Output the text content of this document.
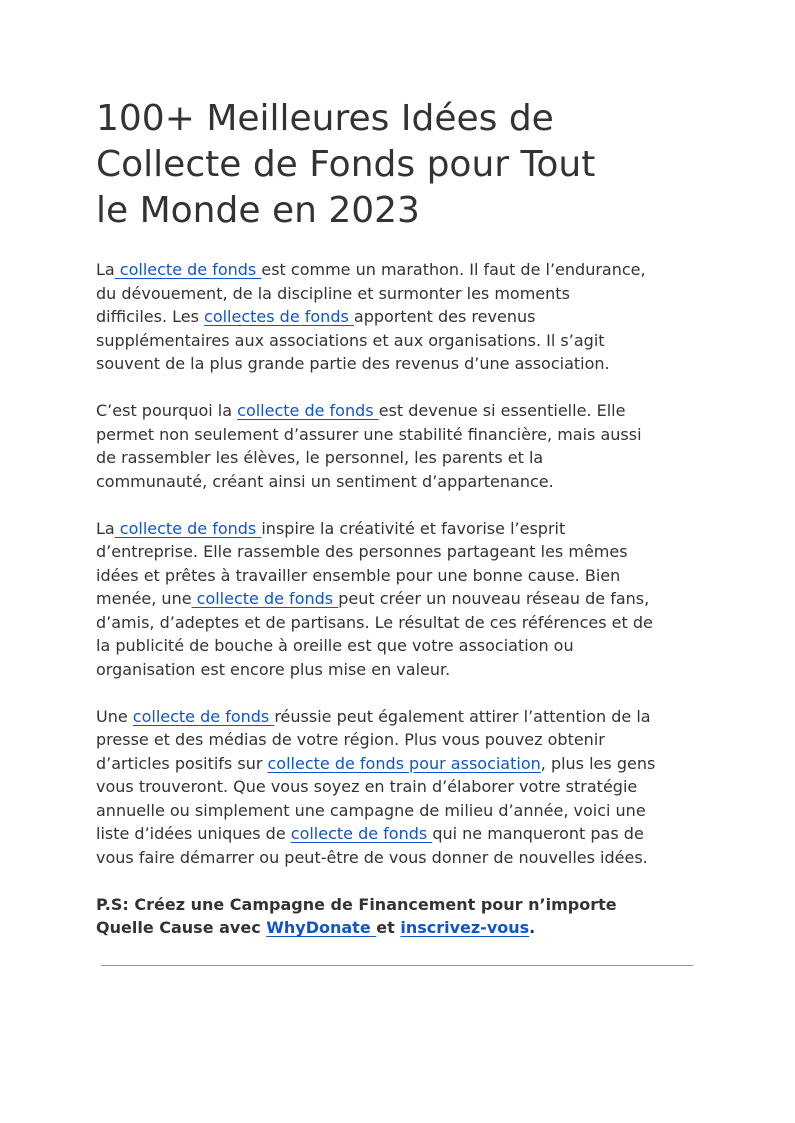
100+ Meilleures Idées de
Collecte de Fonds pour Tout
le Monde en 2023
La collecte de fonds est comme un marathon. Il faut de l’endurance,
du dévouement, de la discipline et surmonter les moments
difficiles. Les collectes de fonds apportent des revenus
supplémentaires aux associations et aux organisations. Il s’agit
souvent de la plus grande partie des revenus d’une association.
C’est pourquoi la collecte de fonds est devenue si essentielle. Elle
permet non seulement d’assurer une stabilité financière, mais aussi
de rassembler les élèves, le personnel, les parents et la
communauté, créant ainsi un sentiment d’appartenance.
La collecte de fonds inspire la créativité et favorise l’esprit
d’entreprise. Elle rassemble des personnes partageant les mêmes
idées et prêtes à travailler ensemble pour une bonne cause. Bien
menée, une collecte de fonds peut créer un nouveau réseau de fans,
d’amis, d’adeptes et de partisans. Le résultat de ces références et de
la publicité de bouche à oreille est que votre association ou
organisation est encore plus mise en valeur.
Une collecte de fonds réussie peut également attirer l’attention de la
presse et des médias de votre région. Plus vous pouvez obtenir
d’articles positifs sur collecte de fonds pour association, plus les gens
vous trouveront. Que vous soyez en train d’élaborer votre stratégie
annuelle ou simplement une campagne de milieu d’année, voici une
liste d’idées uniques de collecte de fonds qui ne manqueront pas de
vous faire démarrer ou peut-être de vous donner de nouvelles idées.
P.S: Créez une Campagne de Financement pour n’importe
Quelle Cause avec WhyDonate et inscrivez-vous.
